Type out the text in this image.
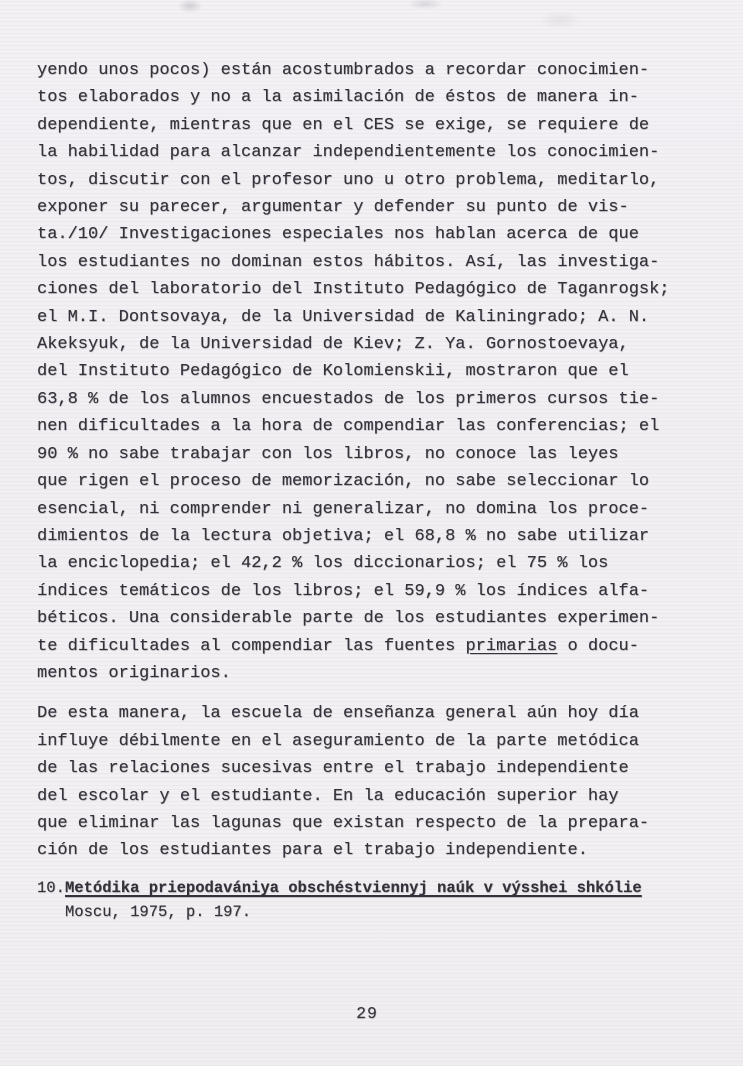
yendo unos pocos) están acostumbrados a recordar conocimien-
tos elaborados y no a la asimilación de éstos de manera in-
dependiente, mientras que en el CES se exige, se requiere de
la habilidad para alcanzar independientemente los conocimien-
tos, discutir con el profesor uno u otro problema, meditarlo,
exponer su parecer, argumentar y defender su punto de vis-
ta./10/ Investigaciones especiales nos hablan acerca de que
los estudiantes no dominan estos hábitos. Así, las investiga-
ciones del laboratorio del Instituto Pedagógico de Taganrogsk;
el M.I. Dontsovaya, de la Universidad de Kaliningrado; A. N.
Akeksyuk, de la Universidad de Kiev; Z. Ya. Gornostoevaya,
del Instituto Pedagógico de Kolomienskii, mostraron que el
63,8 % de los alumnos encuestados de los primeros cursos tie-
nen dificultades a la hora de compendiar las conferencias; el
90 % no sabe trabajar con los libros, no conoce las leyes
que rigen el proceso de memorización, no sabe seleccionar lo
esencial, ni comprender ni generalizar, no domina los proce-
dimientos de la lectura objetiva; el 68,8 % no sabe utilizar
la enciclopedia; el 42,2 % los diccionarios; el 75 % los
índices temáticos de los libros; el 59,9 % los índices alfa-
béticos. Una considerable parte de los estudiantes experimen-
te dificultades al compendiar las fuentes primarias o docu-
mentos originarios.

De esta manera, la escuela de enseñanza general aún hoy día
influye débilmente en el aseguramiento de la parte metódica
de las relaciones sucesivas entre el trabajo independiente
del escolar y el estudiante. En la educación superior hay
que eliminar las lagunas que existan respecto de la prepara-
ción de los estudiantes para el trabajo independiente.

10. Metódika priepodavániya obschéstviennyj naúk v výsshei shkólie
Moscu, 1975, p. 197.
29
